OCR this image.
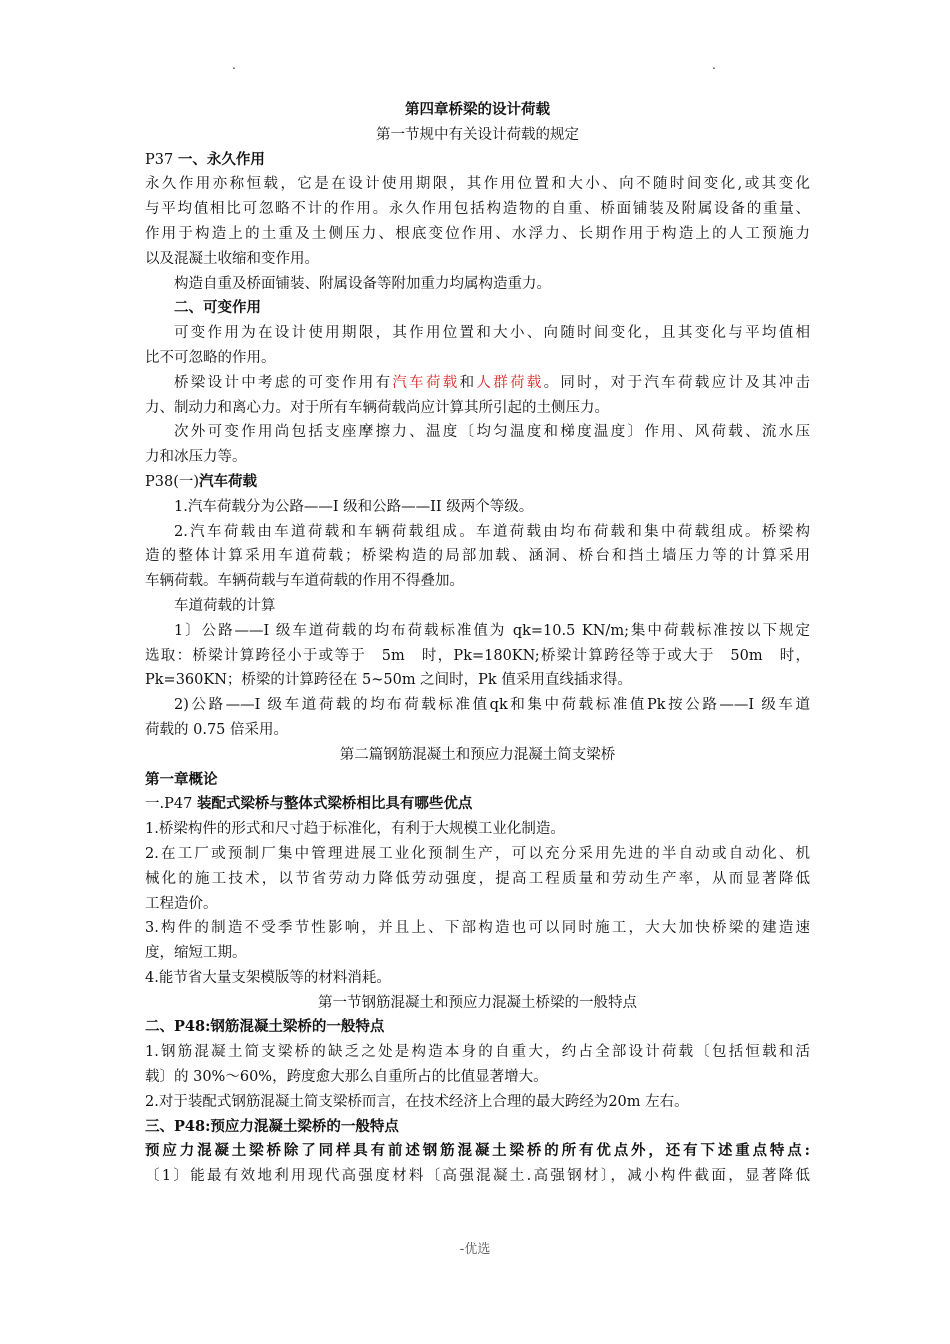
.	.
第四章桥梁的设计荷载
第一节规中有关设计荷载的规定
P37 一、永久作用
永久作用亦称恒载，它是在设计使用期限，其作用位置和大小、向不随时间变化,或其变化
与平均值相比可忽略不计的作用。永久作用包括构造物的自重、桥面铺装及附属设备的重量、
作用于构造上的土重及土侧压力、根底变位作用、水浮力、长期作用于构造上的人工预施力
以及混凝土收缩和变作用。
构造自重及桥面铺装、附属设备等附加重力均属构造重力。
二、可变作用
可变作用为在设计使用期限，其作用位置和大小、向随时间变化，且其变化与平均值相
比不可忽略的作用。
桥梁设计中考虑的可变作用有汽车荷载和人群荷载。同时，对于汽车荷载应计及其冲击
力、制动力和离心力。对于所有车辆荷载尚应计算其所引起的土侧压力。
次外可变作用尚包括支座摩擦力、温度〔均匀温度和梯度温度〕作用、风荷载、流水压
力和冰压力等。
P38(一)汽车荷载
1.汽车荷载分为公路——I 级和公路——II 级两个等级。
2.汽车荷载由车道荷载和车辆荷载组成。车道荷载由均布荷载和集中荷载组成。桥梁构
造的整体计算采用车道荷载；桥梁构造的局部加载、涵洞、桥台和挡土墙压力等的计算采用
车辆荷载。车辆荷载与车道荷载的作用不得叠加。
车道荷载的计算
1〕公路——I 级车道荷载的均布荷载标准值为 qk=10.5 KN/m;集中荷载标准按以下规定
选取：桥梁计算跨径小于或等于　5m　时，Pk=180KN;桥梁计算跨径等于或大于　50m　时，
Pk=360KN；桥梁的计算跨径在 5~50m 之间时，Pk 值采用直线插求得。
2)公路——I 级车道荷载的均布荷载标准值qk和集中荷载标准值Pk按公路——I 级车道
荷载的 0.75 倍采用。
第二篇钢筋混凝土和预应力混凝土简支梁桥
第一章概论
一.P47 装配式梁桥与整体式梁桥相比具有哪些优点
1.桥梁构件的形式和尺寸趋于标准化，有利于大规模工业化制造。
2.在工厂或预制厂集中管理进展工业化预制生产，可以充分采用先进的半自动或自动化、机
械化的施工技术，以节省劳动力降低劳动强度，提高工程质量和劳动生产率，从而显著降低
工程造价。
3.构件的制造不受季节性影响，并且上、下部构造也可以同时施工，大大加快桥梁的建造速
度，缩短工期。
4.能节省大量支架模版等的材料消耗。
第一节钢筋混凝土和预应力混凝土桥梁的一般特点
二、P48:钢筋混凝土梁桥的一般特点
1.钢筋混凝土简支梁桥的缺乏之处是构造本身的自重大，约占全部设计荷载〔包括恒载和活
载〕的 30%～60%，跨度愈大那么自重所占的比值显著增大。
2.对于装配式钢筋混凝土简支梁桥而言，在技术经济上合理的最大跨经为20m 左右。
三、P48:预应力混凝土梁桥的一般特点
预应力混凝土梁桥除了同样具有前述钢筋混凝土梁桥的所有优点外，还有下述重点特点:
〔1〕能最有效地利用现代高强度材料〔高强混凝土.高强钢材〕，减小构件截面，显著降低
-优选
